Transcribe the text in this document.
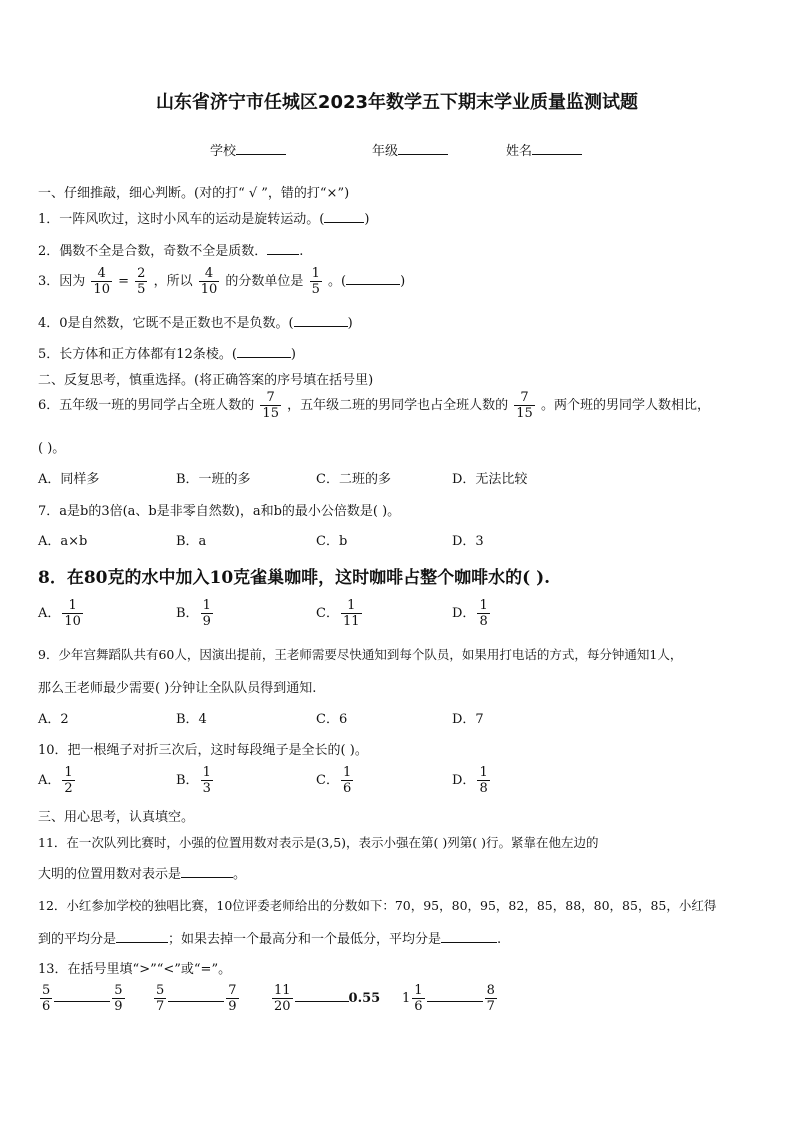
山东省济宁市任城区2023年数学五下期末学业质量监测试题
学校	年级	姓名
一、仔细推敲，细心判断。(对的打“ √ ”，错的打“×”)
1．一阵风吹过，这时小风车的运动是旋转运动。(	)
2．偶数不全是合数，奇数不全是质数． .
3．因为 $\frac{4}{10} = \frac{2}{5}$ ，所以 $\frac{4}{10}$ 的分数单位是 $\frac{1}{5}$ 。(	)
4．0是自然数，它既不是正数也不是负数。(	)
5．长方体和正方体都有12条棱。(	)
二、反复思考，慎重选择。(将正确答案的序号填在括号里)
6．五年级一班的男同学占全班人数的 $\frac{7}{15}$ ，五年级二班的男同学也占全班人数的 $\frac{7}{15}$ 。两个班的男同学人数相比，
( )。
A．同样多	B．一班的多	C．二班的多	D．无法比较
7．a是b的3倍(a、b是非零自然数)，a和b的最小公倍数是( )。
A．a×b	B．a	C．b	D．3
8．在80克的水中加入10克雀巢咖啡，这时咖啡占整个咖啡水的( ).
A． $\frac{1}{10}$	B． $\frac{1}{9}$	C． $\frac{1}{11}$	D． $\frac{1}{8}$
9．少年宫舞蹈队共有60人，因演出提前，王老师需要尽快通知到每个队员，如果用打电话的方式，每分钟通知1人，
那么王老师最少需要( )分钟让全队队员得到通知.
A．2	B．4	C．6	D．7
10．把一根绳子对折三次后，这时每段绳子是全长的( )。
A． $\frac{1}{2}$	B． $\frac{1}{3}$	C． $\frac{1}{6}$	D． $\frac{1}{8}$
三、用心思考，认真填空。
11．在一次队列比赛时，小强的位置用数对表示是(3,5)，表示小强在第( )列第( )行。紧靠在他左边的
大明的位置用数对表示是	。
12．小红参加学校的独唱比赛，10位评委老师给出的分数如下：70，95，80，95，82，85，88，80，85，85，小红得
到的平均分是	；如果去掉一个最高分和一个最低分，平均分是	.
13．在括号里填“>”“<”或“=”。
$\frac{5}{6}$	$\frac{5}{9} \frac{5}{7}$	$\frac{7}{9}$	$\frac{11}{20}$	0.55 $1 \frac{1}{6}$	$\frac{8}{7}$
